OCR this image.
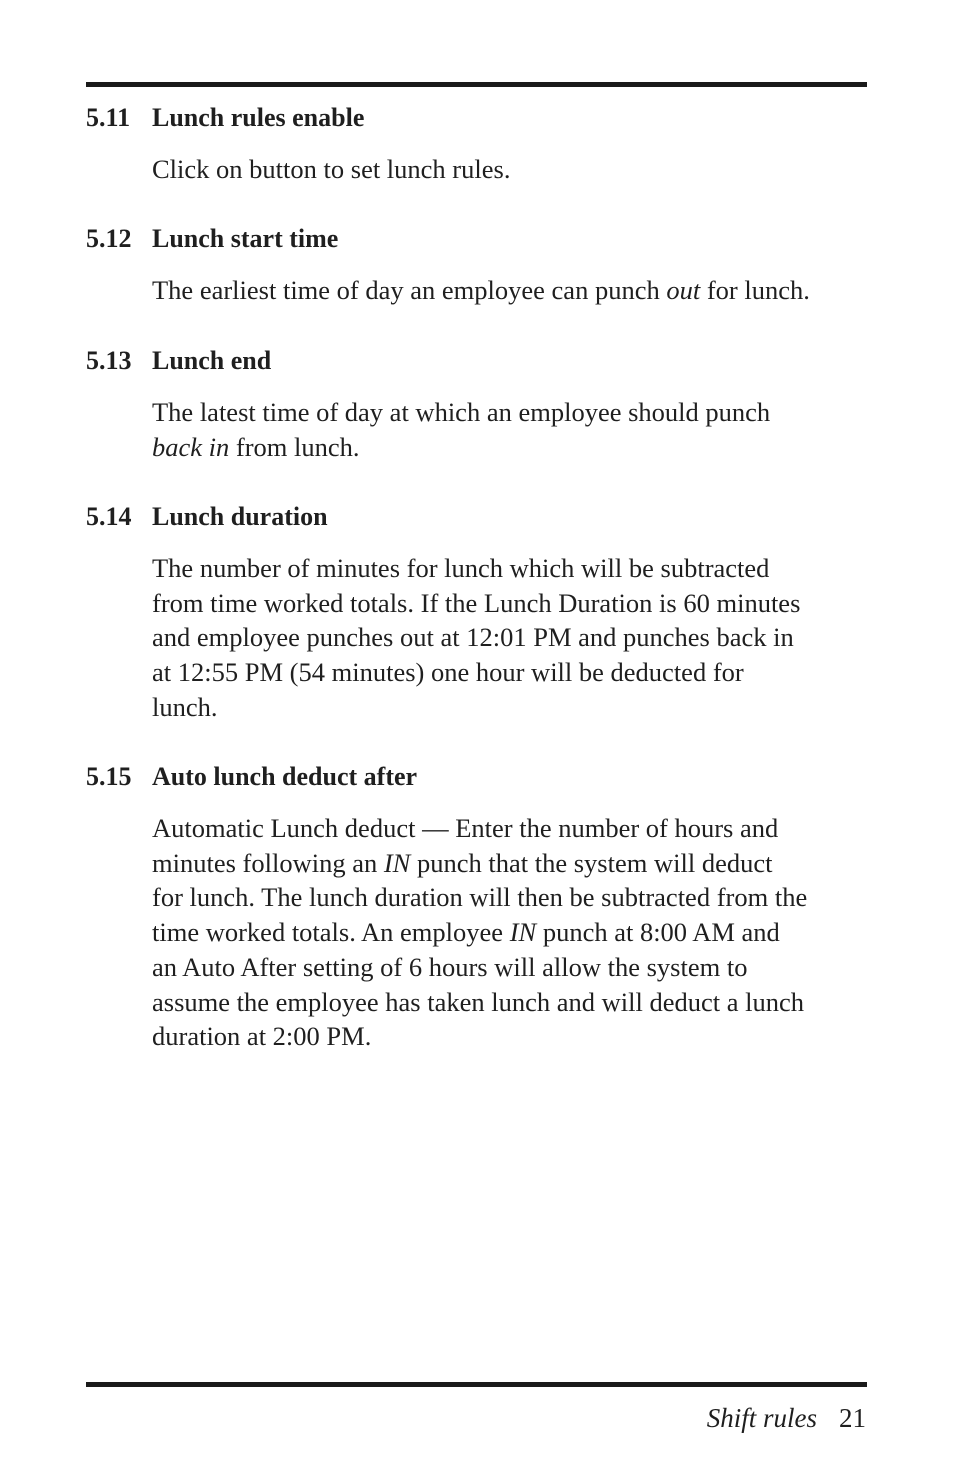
5.11 Lunch rules enable
Click on button to set lunch rules.
5.12 Lunch start time
The earliest time of day an employee can punch out for lunch.
5.13 Lunch end
The latest time of day at which an employee should punch
back in from lunch.
5.14 Lunch duration
The number of minutes for lunch which will be subtracted
from time worked totals. If the Lunch Duration is 60 minutes
and employee punches out at 12:01 PM and punches back in
at 12:55 PM (54 minutes) one hour will be deducted for
lunch.
5.15 Auto lunch deduct after
Automatic Lunch deduct — Enter the number of hours and
minutes following an IN punch that the system will deduct
for lunch. The lunch duration will then be subtracted from the
time worked totals. An employee IN punch at 8:00 AM and
an Auto After setting of 6 hours will allow the system to
assume the employee has taken lunch and will deduct a lunch
duration at 2:00 PM.
Shift rules 21
